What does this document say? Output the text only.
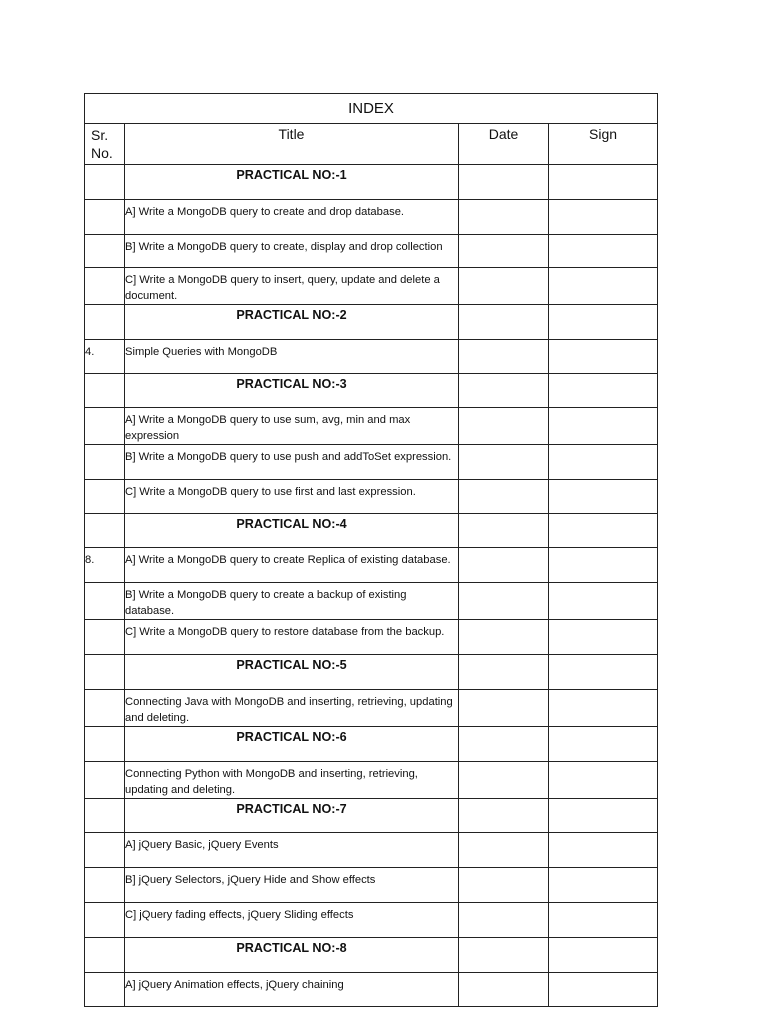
INDEX			
Sr.
No.	Title	Date	Sign
	PRACTICAL NO:-1		
	A] Write a MongoDB query to create and drop database.		
	B] Write a MongoDB query to create, display and drop collection		
	C] Write a MongoDB query to insert, query, update and delete a document.		
	PRACTICAL NO:-2		
4.	Simple Queries with MongoDB		
	PRACTICAL NO:-3		
	A] Write a MongoDB query to use sum, avg, min and max expression		
	B] Write a MongoDB query to use push and addToSet expression.		
	C] Write a MongoDB query to use first and last expression.		
	PRACTICAL NO:-4		
8.	A] Write a MongoDB query to create Replica of existing database.		
	B] Write a MongoDB query to create a backup of existing database.		
	C] Write a MongoDB query to restore database from the backup.		
	PRACTICAL NO:-5		
	Connecting Java with MongoDB and inserting, retrieving, updating and deleting.		
	PRACTICAL NO:-6		
	Connecting Python with MongoDB and inserting, retrieving, updating and deleting.		
	PRACTICAL NO:-7		
	A] jQuery Basic, jQuery Events		
	B] jQuery Selectors, jQuery Hide and Show effects		
	C] jQuery fading effects, jQuery Sliding effects		
	PRACTICAL NO:-8		
	A] jQuery Animation effects, jQuery chaining		
